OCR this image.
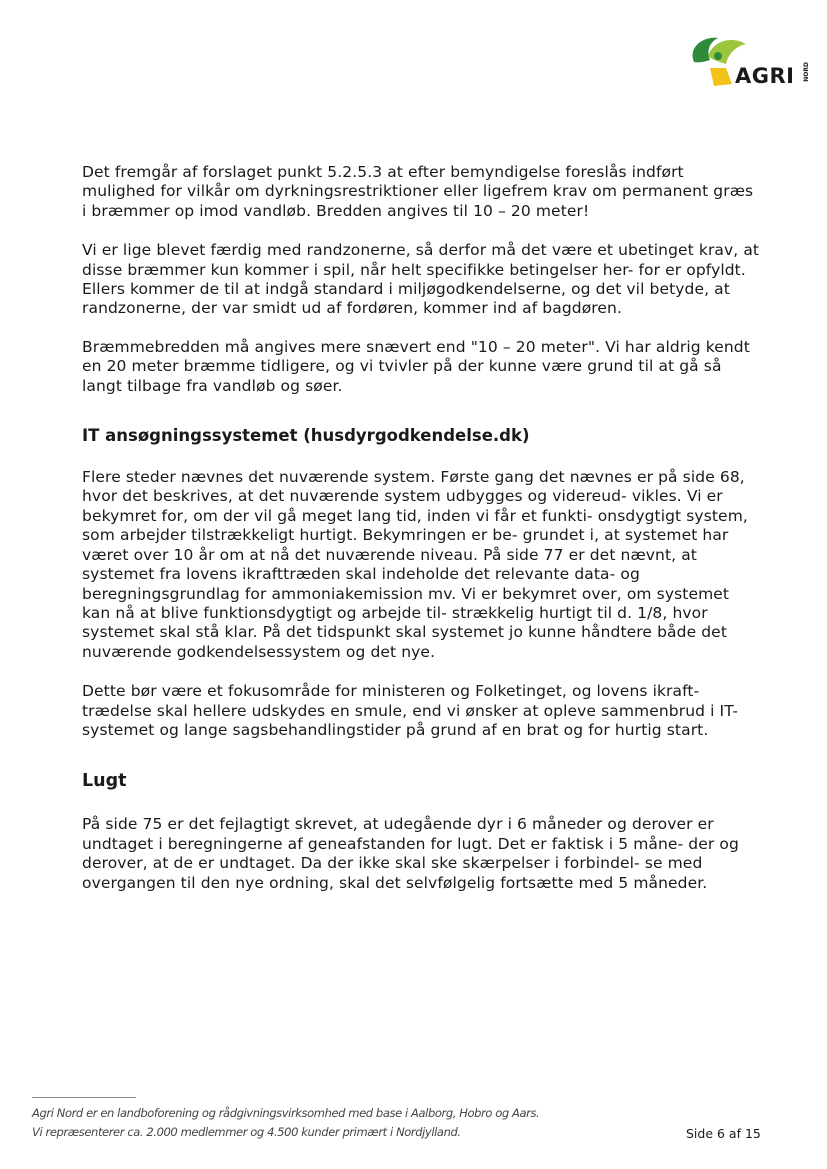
AGRI NORD

Det fremgår af forslaget punkt 5.2.5.3 at efter bemyndigelse foreslås indført mulighed for vilkår om dyrkningsrestriktioner eller ligefrem krav om permanent græs i bræmmer op imod vandløb. Bredden angives til 10 – 20 meter!

Vi er lige blevet færdig med randzonerne, så derfor må det være et ubetinget krav, at disse bræmmer kun kommer i spil, når helt specifikke betingelser her- for er opfyldt. Ellers kommer de til at indgå standard i miljøgodkendelserne, og det vil betyde, at randzonerne, der var smidt ud af fordøren, kommer ind af bagdøren.

Bræmmebredden må angives mere snævert end "10 – 20 meter". Vi har aldrig kendt en 20 meter bræmme tidligere, og vi tvivler på der kunne være grund til at gå så langt tilbage fra vandløb og søer.

IT ansøgningssystemet (husdyrgodkendelse.dk)

Flere steder nævnes det nuværende system. Første gang det nævnes er på side 68, hvor det beskrives, at det nuværende system udbygges og videreud- vikles. Vi er bekymret for, om der vil gå meget lang tid, inden vi får et funkti- onsdygtigt system, som arbejder tilstrækkeligt hurtigt. Bekymringen er be- grundet i, at systemet har været over 10 år om at nå det nuværende niveau. På side 77 er det nævnt, at systemet fra lovens ikrafttræden skal indeholde det relevante data- og beregningsgrundlag for ammoniakemission mv. Vi er bekymret over, om systemet kan nå at blive funktionsdygtigt og arbejde til- strækkelig hurtigt til d. 1/8, hvor systemet skal stå klar. På det tidspunkt skal systemet jo kunne håndtere både det nuværende godkendelsessystem og det nye.

Dette bør være et fokusområde for ministeren og Folketinget, og lovens ikraft- trædelse skal hellere udskydes en smule, end vi ønsker at opleve sammenbrud i IT-systemet og lange sagsbehandlingstider på grund af en brat og for hurtig start.

Lugt

På side 75 er det fejlagtigt skrevet, at udegående dyr i 6 måneder og derover er undtaget i beregningerne af geneafstanden for lugt. Det er faktisk i 5 måne- der og derover, at de er undtaget. Da der ikke skal ske skærpelser i forbindel- se med overgangen til den nye ordning, skal det selvfølgelig fortsætte med 5 måneder.

Agri Nord er en landboforening og rådgivningsvirksomhed med base i Aalborg, Hobro og Aars.
Vi repræsenterer ca. 2.000 medlemmer og 4.500 kunder primært i Nordjylland.	Side 6 af 15
